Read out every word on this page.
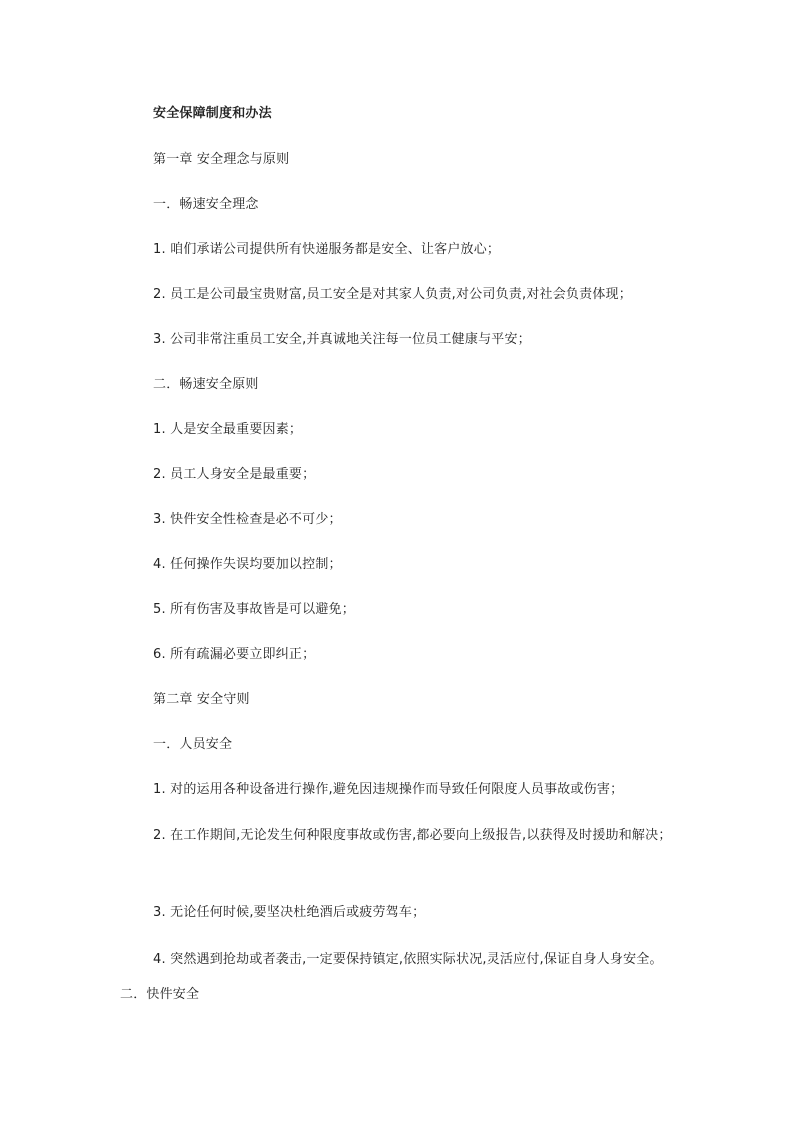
安全保障制度和办法
第一章 安全理念与原则
一．畅速安全理念
1. 咱们承诺公司提供所有快递服务都是安全、让客户放心；
2. 员工是公司最宝贵财富,员工安全是对其家人负责,对公司负责,对社会负责体现；
3. 公司非常注重员工安全,并真诚地关注每一位员工健康与平安；
二．畅速安全原则
1. 人是安全最重要因素；
2. 员工人身安全是最重要；
3. 快件安全性检查是必不可少；
4. 任何操作失误均要加以控制；
5. 所有伤害及事故皆是可以避免；
6. 所有疏漏必要立即纠正；
第二章 安全守则
一．人员安全
1. 对的运用各种设备进行操作,避免因违规操作而导致任何限度人员事故或伤害；
2. 在工作期间,无论发生何种限度事故或伤害,都必要向上级报告,以获得及时援助和解决；
3. 无论任何时候,要坚决杜绝酒后或疲劳驾车；
4. 突然遇到抢劫或者袭击,一定要保持镇定,依照实际状况,灵活应付,保证自身人身安全。 二．快件安全
